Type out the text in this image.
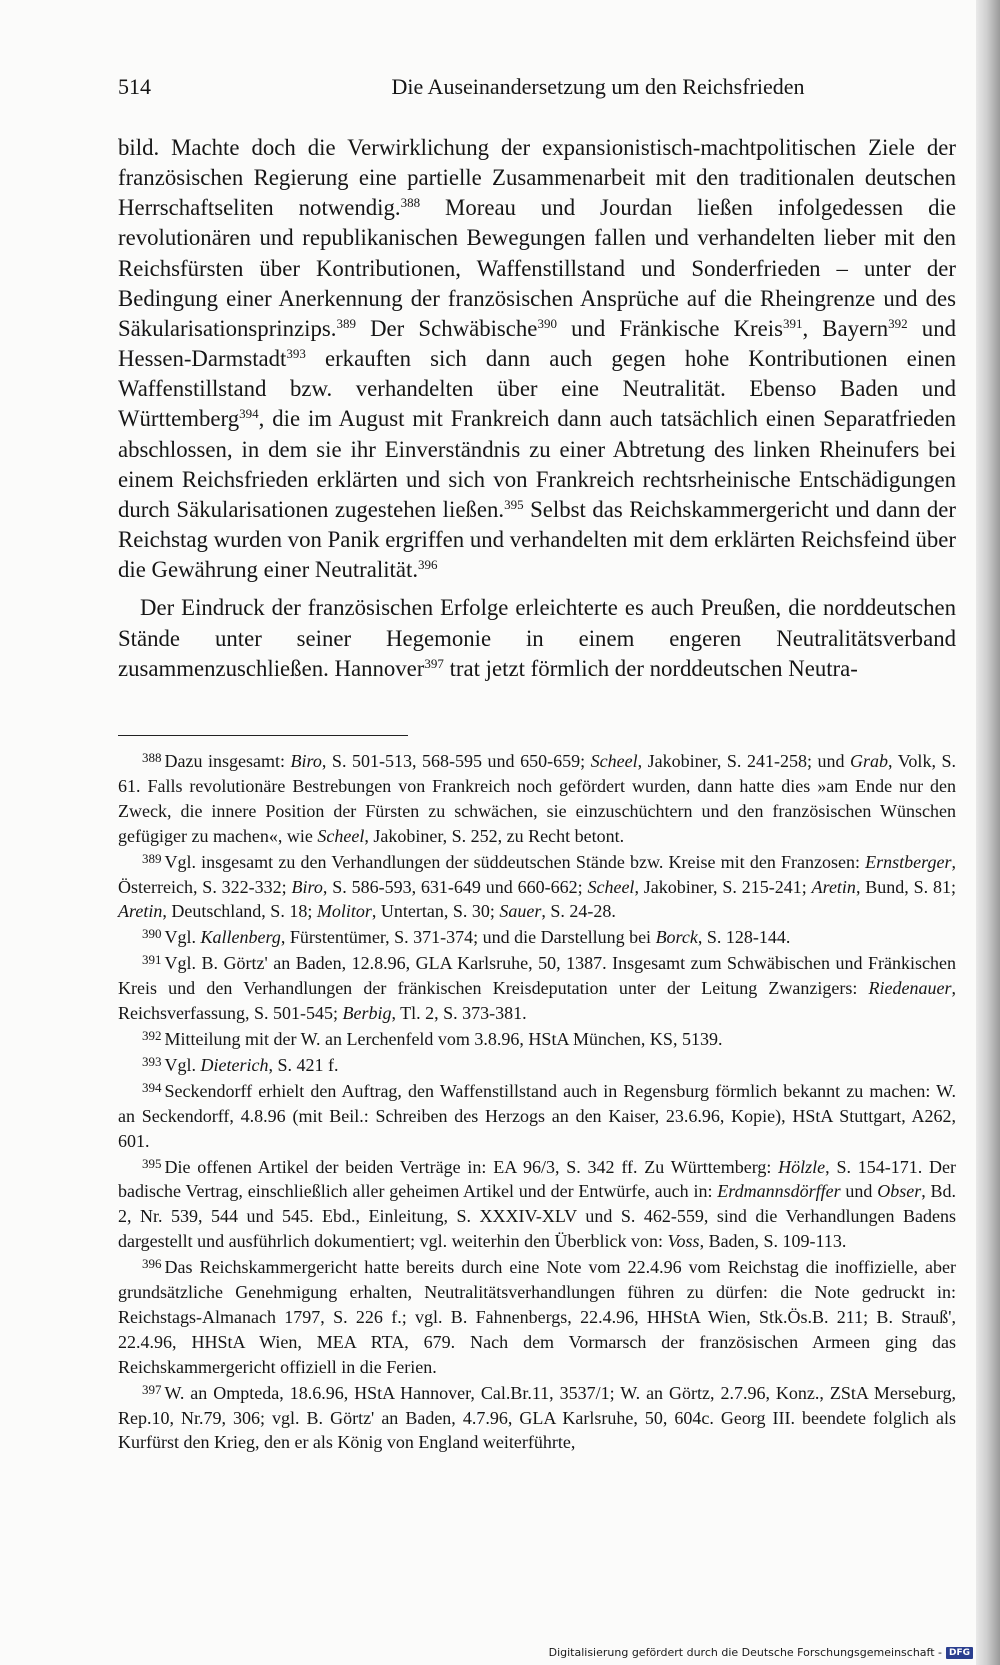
514	Die Auseinandersetzung um den Reichsfrieden

bild. Machte doch die Verwirklichung der expansionistisch-machtpolitischen Ziele der französischen Regierung eine partielle Zusammenarbeit mit den traditionalen deutschen Herrschaftseliten notwendig.$^{388}$ Moreau und Jourdan ließen infolgedessen die revolutionären und republikanischen Bewegungen fallen und verhandelten lieber mit den Reichsfürsten über Kontributionen, Waffenstillstand und Sonderfrieden – unter der Bedingung einer Anerkennung der französischen Ansprüche auf die Rheingrenze und des Säkularisationsprinzips.$^{389}$ Der Schwäbische$^{390}$ und Fränkische Kreis$^{391}$, Bayern$^{392}$ und Hessen-Darmstadt$^{393}$ erkauften sich dann auch gegen hohe Kontributionen einen Waffenstillstand bzw. verhandelten über eine Neutralität. Ebenso Baden und Württemberg$^{394}$, die im August mit Frankreich dann auch tatsächlich einen Separatfrieden abschlossen, in dem sie ihr Einverständnis zu einer Abtretung des linken Rheinufers bei einem Reichsfrieden erklärten und sich von Frankreich rechtsrheinische Entschädigungen durch Säkularisationen zugestehen ließen.$^{395}$ Selbst das Reichskammergericht und dann der Reichstag wurden von Panik ergriffen und verhandelten mit dem erklärten Reichsfeind über die Gewährung einer Neutralität.$^{396}$

Der Eindruck der französischen Erfolge erleichterte es auch Preußen, die norddeutschen Stände unter seiner Hegemonie in einem engeren Neutralitätsverband zusammenzuschließen. Hannover$^{397}$ trat jetzt förmlich der norddeutschen Neutra-

$^{388}$ Dazu insgesamt: Biro, S. 501-513, 568-595 und 650-659; Scheel, Jakobiner, S. 241-258; und Grab, Volk, S. 61. Falls revolutionäre Bestrebungen von Frankreich noch gefördert wurden, dann hatte dies »am Ende nur den Zweck, die innere Position der Fürsten zu schwächen, sie einzuschüchtern und den französischen Wünschen gefügiger zu machen«, wie Scheel, Jakobiner, S. 252, zu Recht betont.

$^{389}$ Vgl. insgesamt zu den Verhandlungen der süddeutschen Stände bzw. Kreise mit den Franzosen: Ernstberger, Österreich, S. 322-332; Biro, S. 586-593, 631-649 und 660-662; Scheel, Jakobiner, S. 215-241; Aretin, Bund, S. 81; Aretin, Deutschland, S. 18; Molitor, Untertan, S. 30; Sauer, S. 24-28.

$^{390}$ Vgl. Kallenberg, Fürstentümer, S. 371-374; und die Darstellung bei Borck, S. 128-144.

$^{391}$ Vgl. B. Görtz' an Baden, 12.8.96, GLA Karlsruhe, 50, 1387. Insgesamt zum Schwäbischen und Fränkischen Kreis und den Verhandlungen der fränkischen Kreisdeputation unter der Leitung Zwanzigers: Riedenauer, Reichsverfassung, S. 501-545; Berbig, Tl. 2, S. 373-381.

$^{392}$ Mitteilung mit der W. an Lerchenfeld vom 3.8.96, HStA München, KS, 5139.

$^{393}$ Vgl. Dieterich, S. 421 f.

$^{394}$ Seckendorff erhielt den Auftrag, den Waffenstillstand auch in Regensburg förmlich bekannt zu machen: W. an Seckendorff, 4.8.96 (mit Beil.: Schreiben des Herzogs an den Kaiser, 23.6.96, Kopie), HStA Stuttgart, A262, 601.

$^{395}$ Die offenen Artikel der beiden Verträge in: EA 96/3, S. 342 ff. Zu Württemberg: Hölzle, S. 154-171. Der badische Vertrag, einschließlich aller geheimen Artikel und der Entwürfe, auch in: Erdmannsdörffer und Obser, Bd. 2, Nr. 539, 544 und 545. Ebd., Einleitung, S. XXXIV-XLV und S. 462-559, sind die Verhandlungen Badens dargestellt und ausführlich dokumentiert; vgl. weiterhin den Überblick von: Voss, Baden, S. 109-113.

$^{396}$ Das Reichskammergericht hatte bereits durch eine Note vom 22.4.96 vom Reichstag die inoffizielle, aber grundsätzliche Genehmigung erhalten, Neutralitätsverhandlungen führen zu dürfen: die Note gedruckt in: Reichstags-Almanach 1797, S. 226 f.; vgl. B. Fahnenbergs, 22.4.96, HHStA Wien, Stk.Ös.B. 211; B. Strauß', 22.4.96, HHStA Wien, MEA RTA, 679. Nach dem Vormarsch der französischen Armeen ging das Reichskammergericht offiziell in die Ferien.

$^{397}$ W. an Ompteda, 18.6.96, HStA Hannover, Cal.Br.11, 3537/1; W. an Görtz, 2.7.96, Konz., ZStA Merseburg, Rep.10, Nr.79, 306; vgl. B. Görtz' an Baden, 4.7.96, GLA Karlsruhe, 50, 604c. Georg III. beendete folglich als Kurfürst den Krieg, den er als König von England weiterführte,

Digitalisierung gefördert durch die Deutsche Forschungsgemeinschaft - DFG
